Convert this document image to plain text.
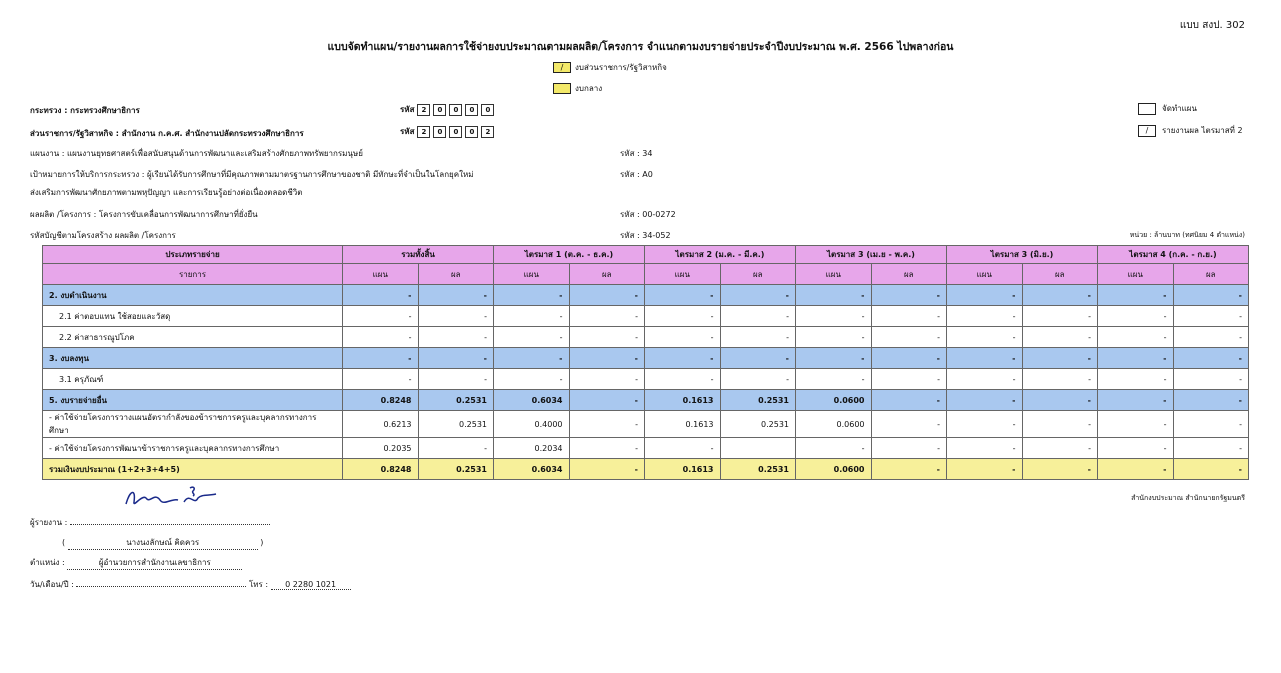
แบบ สงป. 302
แบบจัดทำแผน/รายงานผลการใช้จ่ายงบประมาณตามผลผลิต/โครงการ จำแนกตามงบรายจ่ายประจำปีงบประมาณ พ.ศ. 2566 ไปพลางก่อน
/ งบส่วนราชการ/รัฐวิสาหกิจ
งบกลาง
กระทรวง : กระทรวงศึกษาธิการ	รหัส 2 0 0 0 0
ส่วนราชการ/รัฐวิสาหกิจ : สำนักงาน ก.ค.ศ. สำนักงานปลัดกระทรวงศึกษาธิการ	รหัส 2 0 0 0 2
จัดทำแผน
/ รายงานผล ไตรมาสที่ 2
แผนงาน : แผนงานยุทธศาสตร์เพื่อสนับสนุนด้านการพัฒนาและเสริมสร้างศักยภาพทรัพยากรมนุษย์	รหัส : 34
เป้าหมายการให้บริการกระทรวง : ผู้เรียนได้รับการศึกษาที่มีคุณภาพตามมาตรฐานการศึกษาของชาติ มีทักษะที่จำเป็นในโลกยุคใหม่	รหัส : A0
ส่งเสริมการพัฒนาศักยภาพตามพหุปัญญา และการเรียนรู้อย่างต่อเนื่องตลอดชีวิต
ผลผลิต /โครงการ : โครงการขับเคลื่อนการพัฒนาการศึกษาที่ยั่งยืน	รหัส : 00-0272
รหัสบัญชีตามโครงสร้าง ผลผลิต /โครงการ	รหัส : 34-052	หน่วย : ล้านบาท (ทศนิยม 4 ตำแหน่ง)
ประเภทรายจ่าย	รวมทั้งสิ้น		ไตรมาส 1 (ต.ค. - ธ.ค.)		ไตรมาส 2 (ม.ค. - มี.ค.)		ไตรมาส 3 (เม.ย - พ.ค.)		ไตรมาส 3 (มิ.ย.)		ไตรมาส 4 (ก.ค. - ก.ย.)	
รายการ	แผน	ผล	แผน	ผล	แผน	ผล	แผน	ผล	แผน	ผล	แผน	ผล
2. งบดำเนินงาน	-	-	-	-	-	-	-	-	-	-	-	-
2.1 ค่าตอบแทน ใช้สอยและวัสดุ	-	-	-	-	-	-	-	-	-	-	-	-
2.2 ค่าสาธารณูปโภค	-	-	-	-	-	-	-	-	-	-	-	-
3. งบลงทุน	-	-	-	-	-	-	-	-	-	-	-	-
3.1 ครุภัณฑ์	-	-	-	-	-	-	-	-	-	-	-	-
5. งบรายจ่ายอื่น	0.8248	0.2531	0.6034	-	0.1613	0.2531	0.0600	-	-	-	-	-
- ค่าใช้จ่ายโครงการวางแผนอัตรากำลังของข้าราชการครูและบุคลากรทางการศึกษา	0.6213	0.2531	0.4000	-	0.1613	0.2531	0.0600	-	-	-	-	-
- ค่าใช้จ่ายโครงการพัฒนาข้าราชการครูและบุคลากรทางการศึกษา	0.2035	-	0.2034	-	-		-	-	-	-	-	-
รวมเงินงบประมาณ (1+2+3+4+5)	0.8248	0.2531	0.6034	-	0.1613	0.2531	0.0600	-	-	-	-	-
สำนักงบประมาณ สำนักนายกรัฐมนตรี
ผู้รายงาน :
(	นางนงลักษณ์ คิดควร	)
ตำแหน่ง :	ผู้อำนวยการสำนักงานเลขาธิการ
วัน/เดือน/ปี :	โทร : 0 2280 1021
